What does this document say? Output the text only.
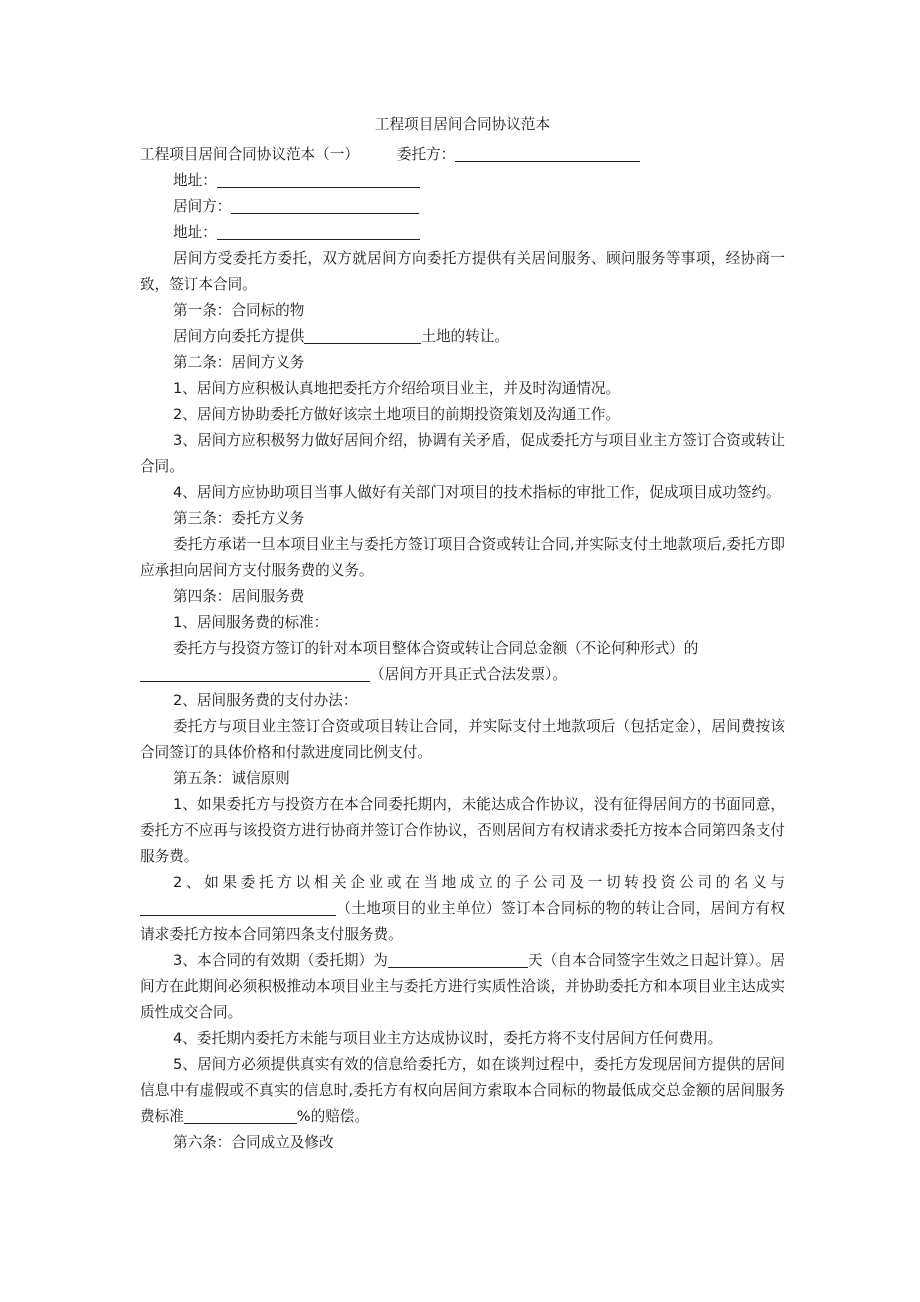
工程项目居间合同协议范本
工程项目居间合同协议范本（一）	委托方：
地址：
居间方：
地址：
居间方受委托方委托，双方就居间方向委托方提供有关居间服务、顾问服务等事项，经协商一致，签订本合同。
第一条：合同标的物
居间方向委托方提供	土地的转让。
第二条：居间方义务
1、居间方应积极认真地把委托方介绍给项目业主，并及时沟通情况。
2、居间方协助委托方做好该宗土地项目的前期投资策划及沟通工作。
3、居间方应积极努力做好居间介绍，协调有关矛盾，促成委托方与项目业主方签订合资或转让合同。
4、居间方应协助项目当事人做好有关部门对项目的技术指标的审批工作，促成项目成功签约。
第三条：委托方义务
委托方承诺一旦本项目业主与委托方签订项目合资或转让合同,并实际支付土地款项后,委托方即应承担向居间方支付服务费的义务。
第四条：居间服务费
1、居间服务费的标准：
委托方与投资方签订的针对本项目整体合资或转让合同总金额（不论何种形式）的
（居间方开具正式合法发票）。
2、居间服务费的支付办法：
委托方与项目业主签订合资或项目转让合同，并实际支付土地款项后（包括定金），居间费按该合同签订的具体价格和付款进度同比例支付。
第五条：诚信原则
1、如果委托方与投资方在本合同委托期内，未能达成合作协议，没有征得居间方的书面同意，委托方不应再与该投资方进行协商并签订合作协议，否则居间方有权请求委托方按本合同第四条支付服务费。
2、如果委托方以相关企业或在当地成立的子公司及一切转投资公司的名义与 （土地项目的业主单位）签订本合同标的物的转让合同，居间方有权请求委托方按本合同第四条支付服务费。
3、本合同的有效期（委托期）为	天（自本合同签字生效之日起计算）。居间方在此期间必须积极推动本项目业主与委托方进行实质性洽谈，并协助委托方和本项目业主达成实质性成交合同。
4、委托期内委托方未能与项目业主方达成协议时，委托方将不支付居间方任何费用。
5、居间方必须提供真实有效的信息给委托方，如在谈判过程中，委托方发现居间方提供的居间信息中有虚假或不真实的信息时,委托方有权向居间方索取本合同标的物最低成交总金额的居间服务费标准	%的赔偿。
第六条：合同成立及修改
